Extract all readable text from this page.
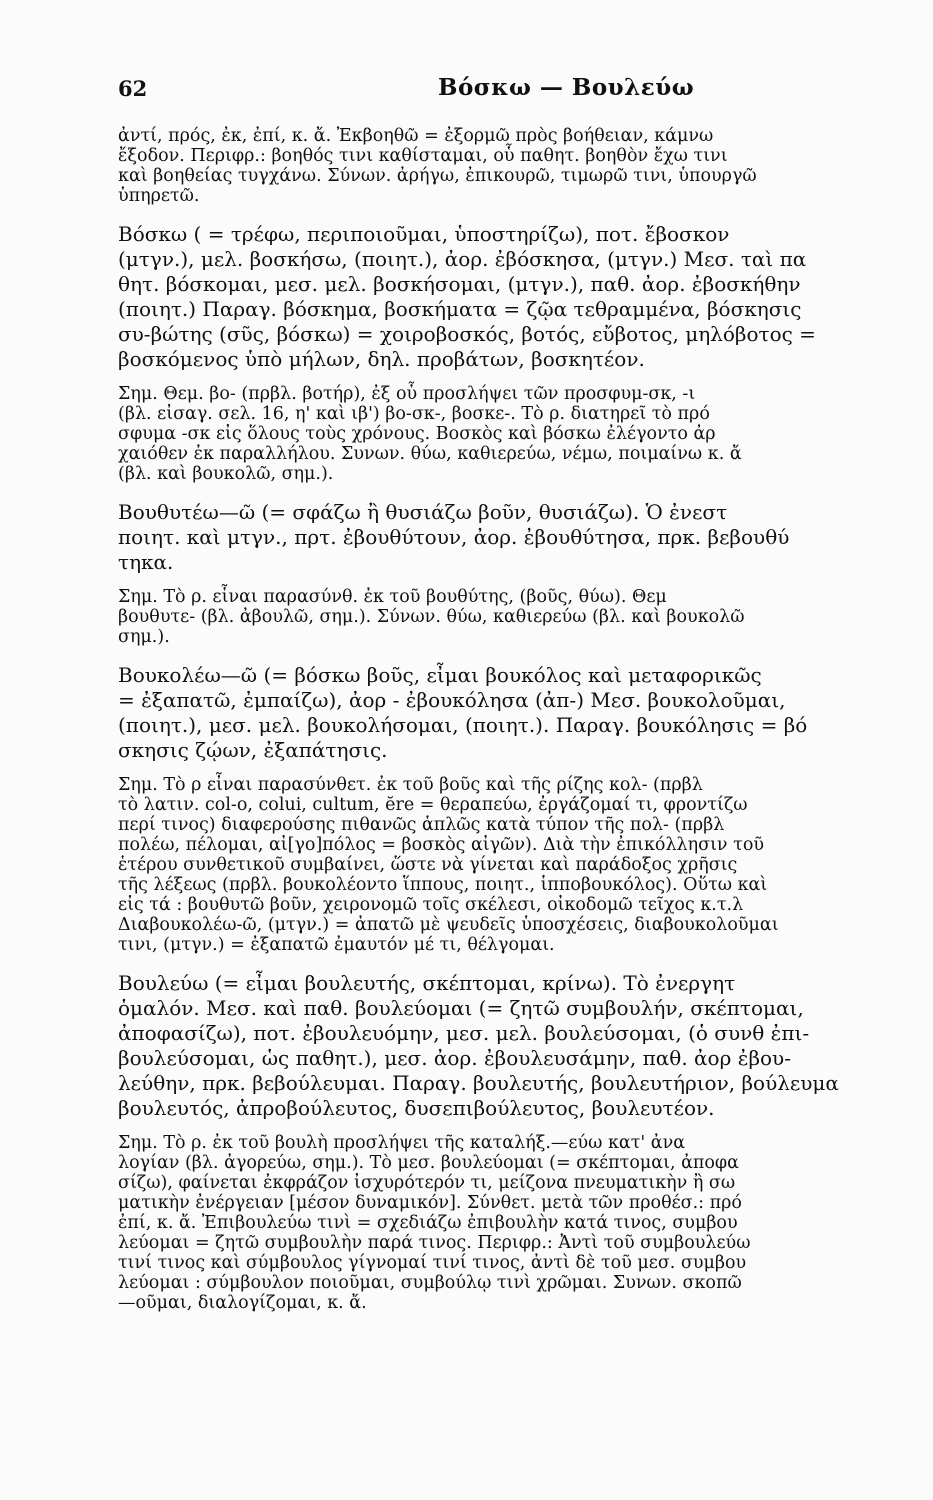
62	Βόσκω — Βουλεύω
ἀντί, πρός, ἐκ, ἐπί, κ. ἄ. Ἐκβοηθῶ = ἐξορμῶ πρὸς βοήθειαν, κάμνω
ἔξοδον. Περιφρ.: βοηθός τινι καθίσταμαι, οὗ παθητ. βοηθὸν ἔχω τινι
καὶ βοηθείας τυγχάνω. Σύνων. ἀρήγω, ἐπικουρῶ, τιμωρῶ τινι, ὑπουργῶ
ὑπηρετῶ.
Βόσκω ( = τρέφω, περιποιοῦμαι, ὑποστηρίζω), ποτ. ἔβοσκον
(μτγν.), μελ. βοσκήσω, (ποιητ.), ἀορ. ἐβόσκησα, (μτγν.) Μεσ. ταὶ πα
θητ. βόσκομαι, μεσ. μελ. βοσκήσομαι, (μτγν.), παθ. ἀορ. ἐβοσκήθην
(ποιητ.) Παραγ. βόσκημα, βοσκήματα = ζῷα τεθραμμένα, βόσκησις
συ-βώτης (σῦς, βόσκω) = χοιροβοσκός, βοτός, εὔβοτος, μηλόβοτος =
βοσκόμενος ὑπὸ μήλων, δηλ. προβάτων, βοσκητέον.
Σημ. Θεμ. βο- (πρβλ. βοτήρ), ἐξ οὗ προσλήψει τῶν προσφυμ-σκ, -ι
(βλ. εἰσαγ. σελ. 16, η' καὶ ιβ') βο-σκ-, βοσκε-. Τὸ ρ. διατηρεῖ τὸ πρό
σφυμα -σκ εἰς ὅλους τοὺς χρόνους. Βοσκὸς καὶ βόσκω ἐλέγοντο ἀρ
χαιόθεν ἐκ παραλλήλου. Συνων. θύω, καθιερεύω, νέμω, ποιμαίνω κ. ἄ
(βλ. καὶ βουκολῶ, σημ.).
Βουθυτέω—ῶ (= σφάζω ἢ θυσιάζω βοῦν, θυσιάζω). Ὁ ἐνεστ
ποιητ. καὶ μτγν., πρτ. ἐβουθύτουν, ἀορ. ἐβουθύτησα, πρκ. βεβουθύ
τηκα.
Σημ. Τὸ ρ. εἶναι παρασύνθ. ἐκ τοῦ βουθύτης, (βοῦς, θύω). Θεμ
βουθυτε- (βλ. ἀβουλῶ, σημ.). Σύνων. θύω, καθιερεύω (βλ. καὶ βουκολῶ
σημ.).
Βουκολέω—ῶ (= βόσκω βοῦς, εἶμαι βουκόλος καὶ μεταφορικῶς
= ἐξαπατῶ, ἐμπαίζω), ἀορ - ἐβουκόλησα (ἀπ-) Μεσ. βουκολοῦμαι,
(ποιητ.), μεσ. μελ. βουκολήσομαι, (ποιητ.). Παραγ. βουκόλησις = βό
σκησις ζῴων, ἐξαπάτησις.
Σημ. Τὸ ρ εἶναι παρασύνθετ. ἐκ τοῦ βοῦς καὶ τῆς ρίζης κολ- (πρβλ
τὸ λατιν. col-o, colui, cultum, ĕre = θεραπεύω, ἐργάζομαί τι, φροντίζω
περί τινος) διαφερούσης πιθανῶς ἁπλῶς κατὰ τύπον τῆς πολ- (πρβλ
πολέω, πέλομαι, αἰ[γο]πόλος = βοσκὸς αἰγῶν). Διὰ τὴν ἐπικόλλησιν τοῦ
ἑτέρου συνθετικοῦ συμβαίνει, ὥστε νὰ γίνεται καὶ παράδοξος χρῆσις
τῆς λέξεως (πρβλ. βουκολέοντο ἵππους, ποιητ., ἱπποβουκόλος). Οὕτω καὶ
εἰς τά : βουθυτῶ βοῦν, χειρονομῶ τοῖς σκέλεσι, οἰκοδομῶ τεῖχος κ.τ.λ
Διαβουκολέω-ῶ, (μτγν.) = ἀπατῶ μὲ ψευδεῖς ὑποσχέσεις, διαβουκολοῦμαι
τινι, (μτγν.) = ἐξαπατῶ ἐμαυτόν μέ τι, θέλγομαι.
Βουλεύω (= εἶμαι βουλευτής, σκέπτομαι, κρίνω). Τὸ ἐνεργητ
ὁμαλόν. Μεσ. καὶ παθ. βουλεύομαι (= ζητῶ συμβουλήν, σκέπτομαι,
ἀποφασίζω), ποτ. ἐβουλευόμην, μεσ. μελ. βουλεύσομαι, (ὁ συνθ ἐπι-
βουλεύσομαι, ὡς παθητ.), μεσ. ἀορ. ἐβουλευσάμην, παθ. ἀορ ἐβου-
λεύθην, πρκ. βεβούλευμαι. Παραγ. βουλευτής, βουλευτήριον, βούλευμα
βουλευτός, ἀπροβούλευτος, δυσεπιβούλευτος, βουλευτέον.
Σημ. Τὸ ρ. ἐκ τοῦ βουλὴ προσλήψει τῆς καταλήξ.—εύω κατ' ἀνα
λογίαν (βλ. ἀγορεύω, σημ.). Τὸ μεσ. βουλεύομαι (= σκέπτομαι, ἀποφα
σίζω), φαίνεται ἐκφράζον ἰσχυρότερόν τι, μείζονα πνευματικὴν ἢ σω
ματικὴν ἐνέργειαν [μέσον δυναμικόν]. Σύνθετ. μετὰ τῶν προθέσ.: πρό
ἐπί, κ. ἄ. Ἐπιβουλεύω τινὶ = σχεδιάζω ἐπιβουλὴν κατά τινος, συμβου
λεύομαι = ζητῶ συμβουλὴν παρά τινος. Περιφρ.: Ἀντὶ τοῦ συμβουλεύω
τινί τινος καὶ σύμβουλος γίγνομαί τινί τινος, ἀντὶ δὲ τοῦ μεσ. συμβου
λεύομαι : σύμβουλον ποιοῦμαι, συμβούλῳ τινὶ χρῶμαι. Συνων. σκοπῶ
—οῦμαι, διαλογίζομαι, κ. ἄ.
